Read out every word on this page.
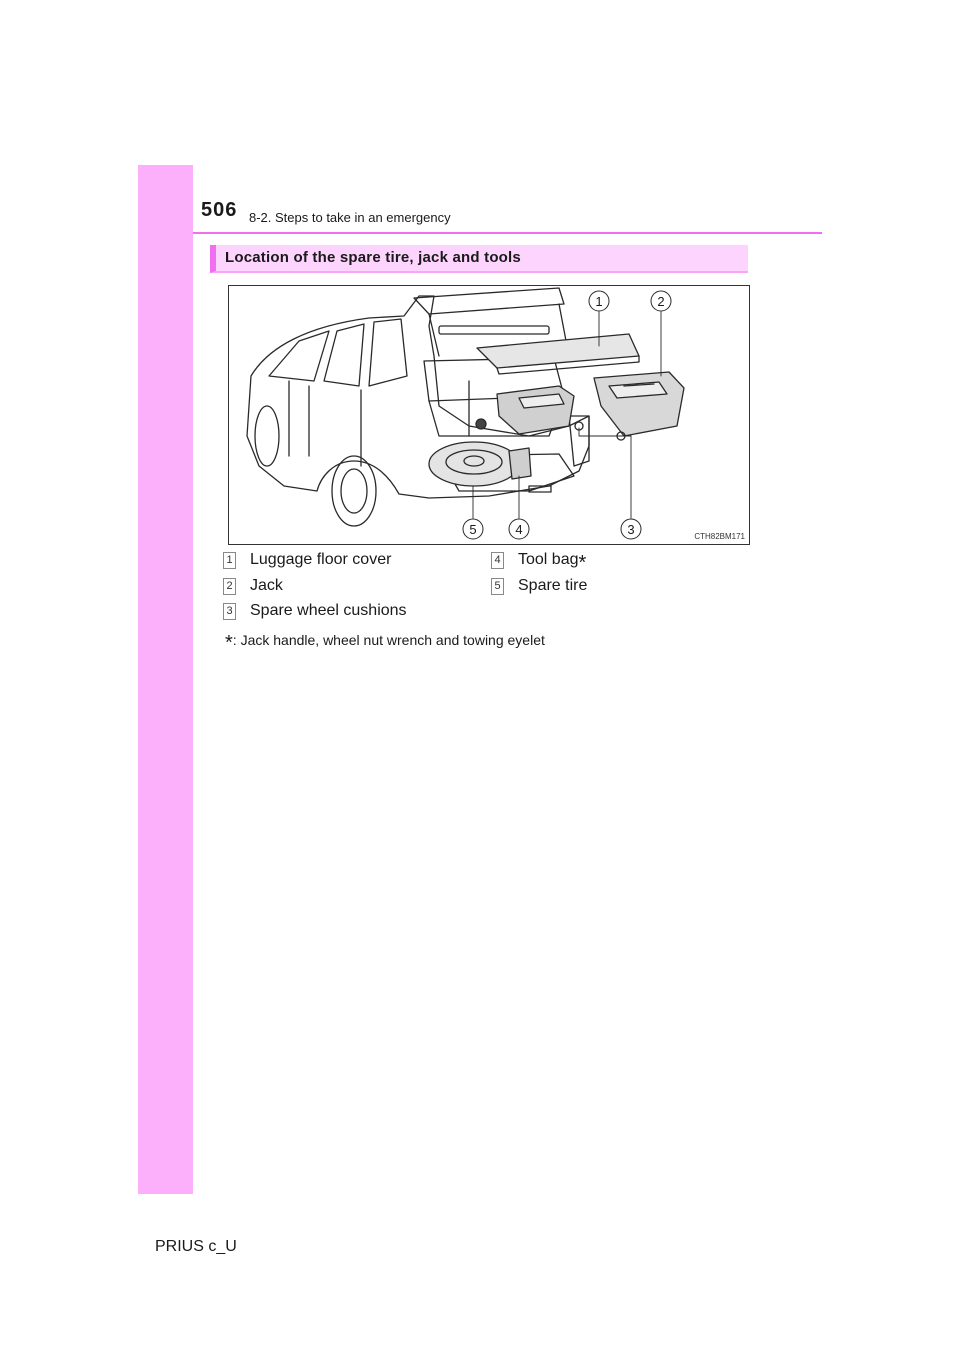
506 8-2. Steps to take in an emergency
Location of the spare tire, jack and tools
1	2
3
4
5	CTH82BM171
1 Luggage floor cover
2 Jack
3 Spare wheel cushions
4 Tool bag *
5 Spare tire
*: Jack handle, wheel nut wrench and towing eyelet
PRIUS c_U
